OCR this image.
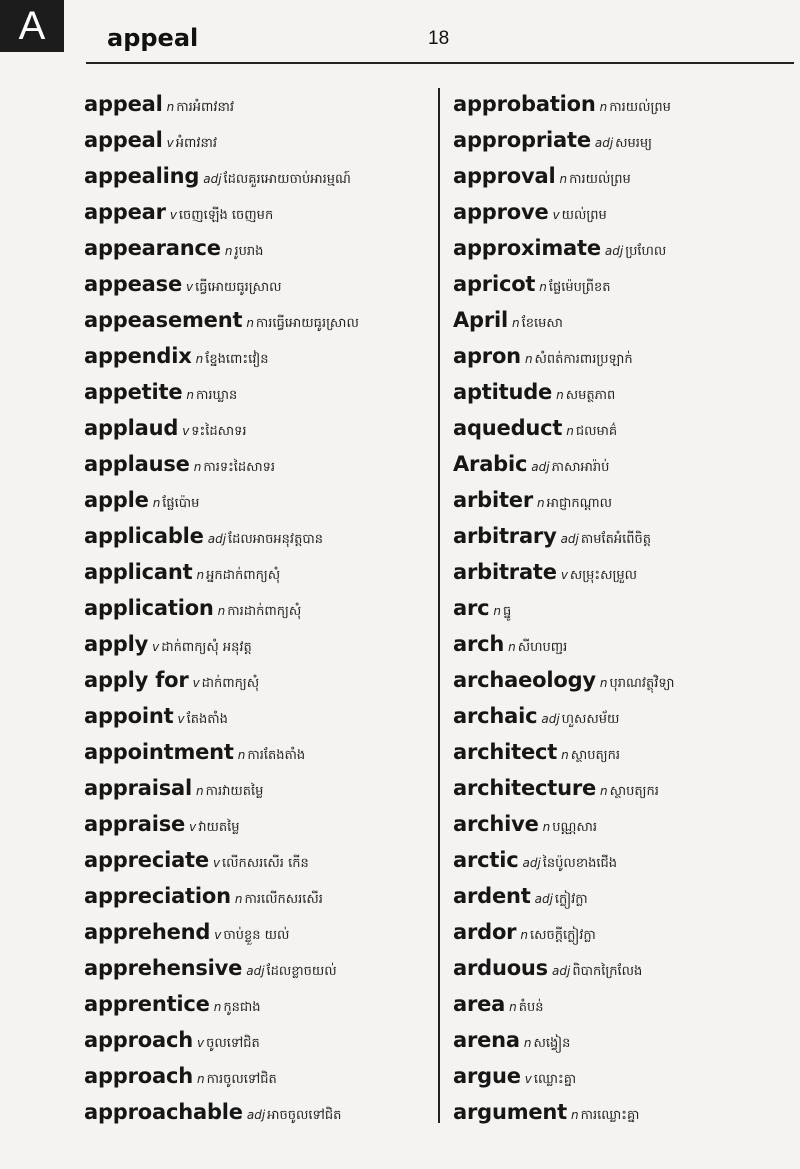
A	appeal	18
appeal n ការអំពាវនាវ
appeal v អំពាវនាវ
appealing adj ដែលគួរអោយចាប់អារម្មណ៍
appear v ចេញឡើង ចេញមក
appearance n រូបរាង
appease v ធ្វើអោយធូរស្រាល
appeasement n ការធ្វើអោយធូរស្រាល
appendix n ខ្នែងពោះវៀន
appetite n ការឃ្លាន
applaud v ទះដៃសាទរ
applause n ការទះដៃសាទរ
apple n ផ្លែប៉ោម
applicable adj ដែលអាចអនុវត្តបាន
applicant n អ្នកដាក់ពាក្យសុំ
application n ការដាក់ពាក្យសុំ
apply v ដាក់ពាក្យសុំ អនុវត្ត
apply for v ដាក់ពាក្យសុំ
appoint v តែងតាំង
appointment n ការតែងតាំង
appraisal n ការវាយតម្លៃ
appraise v វាយតម្លៃ
appreciate v លើកសរសើរ កើន
appreciation n ការលើកសរសើរ
apprehend v ចាប់ខ្លួន យល់
apprehensive adj ដែលខ្លាចយល់
apprentice n កូនជាង
approach v ចូលទៅជិត
approach n ការចូលទៅជិត
approachable adj អាចចូលទៅជិត
approbation n ការយល់ព្រម
appropriate adj សមរម្យ
approval n ការយល់ព្រម
approve v យល់ព្រម
approximate adj ប្រហែល
apricot n ផ្លែម៉េបព្រីខត
April n ខែមេសា
apron n សំពត់ការពារប្រឡាក់
aptitude n សមត្ថភាព
aqueduct n ជលមាគ៌
Arabic adj ភាសាអារ៉ាប់
arbiter n អាជ្ញាកណ្ដាល
arbitrary adj តាមតែអំពើចិត្ត
arbitrate v សម្រុះសម្រួល
arc n ធ្នូ
arch n សីហបញ្ជរ
archaeology n បុរាណវត្ថុវិទ្យា
archaic adj ហួសសម័យ
architect n ស្ថាបត្យករ
architecture n ស្ថាបត្យករ
archive n បណ្ណសារ
arctic adj នៃប៉ូលខាងជើង
ardent adj ក្លៀវក្លា
ardor n សេចក្ដីក្លៀវក្លា
arduous adj ពិបាកក្រៃលែង
area n តំបន់
arena n សង្វៀន
argue v ឈ្លោះគ្នា
argument n ការឈ្លោះគ្នា
